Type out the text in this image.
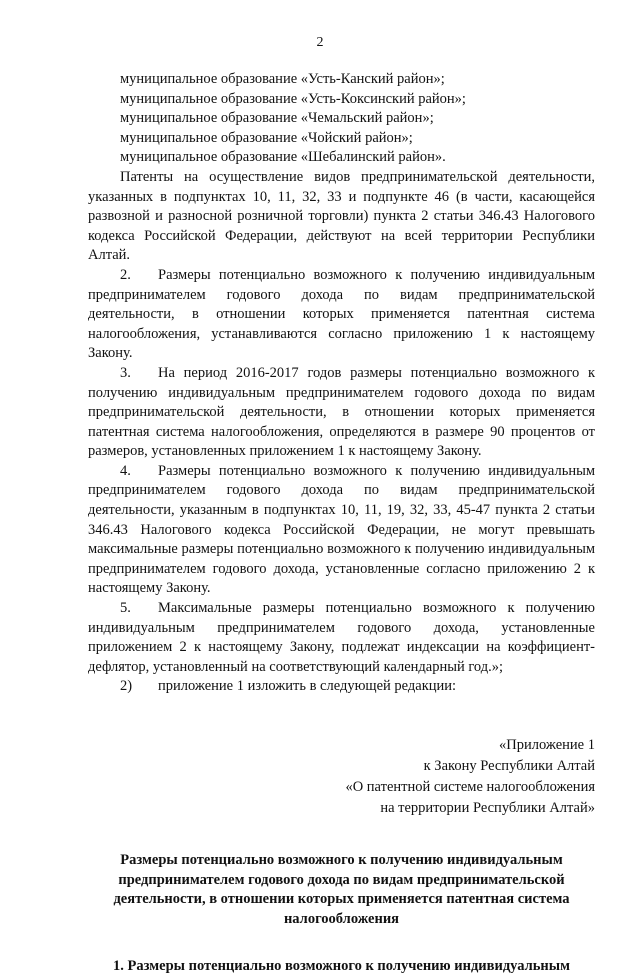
2
муниципальное образование «Усть-Канский район»;
муниципальное образование «Усть-Коксинский район»;
муниципальное образование «Чемальский район»;
муниципальное образование «Чойский район»;
муниципальное образование «Шебалинский район».

Патенты на осуществление видов предпринимательской деятельности, указанных в подпунктах 10, 11, 32, 33 и подпункте 46 (в части, касающейся развозной и разносной розничной торговли) пункта 2 статьи 346.43 Налогового кодекса Российской Федерации, действуют на всей территории Республики Алтай.

2. Размеры потенциально возможного к получению индивидуальным предпринимателем годового дохода по видам предпринимательской деятельности, в отношении которых применяется патентная система налогообложения, устанавливаются согласно приложению 1 к настоящему Закону.

3. На период 2016-2017 годов размеры потенциально возможного к получению индивидуальным предпринимателем годового дохода по видам предпринимательской деятельности, в отношении которых применяется патентная система налогообложения, определяются в размере 90 процентов от размеров, установленных приложением 1 к настоящему Закону.

4. Размеры потенциально возможного к получению индивидуальным предпринимателем годового дохода по видам предпринимательской деятельности, указанным в подпунктах 10, 11, 19, 32, 33, 45-47 пункта 2 статьи 346.43 Налогового кодекса Российской Федерации, не могут превышать максимальные размеры потенциально возможного к получению индивидуальным предпринимателем годового дохода, установленные согласно приложению 2 к настоящему Закону.

5. Максимальные размеры потенциально возможного к получению индивидуальным предпринимателем годового дохода, установленные приложением 2 к настоящему Закону, подлежат индексации на коэффициент-дефлятор, установленный на соответствующий календарный год.»;

2) приложение 1 изложить в следующей редакции:

«Приложение 1
к Закону Республики Алтай
«О патентной системе налогообложения
на территории Республики Алтай»
Размеры потенциально возможного к получению индивидуальным
предпринимателем годового дохода по видам предпринимательской
деятельности, в отношении которых применяется патентная система
налогообложения
1. Размеры потенциально возможного к получению индивидуальным
